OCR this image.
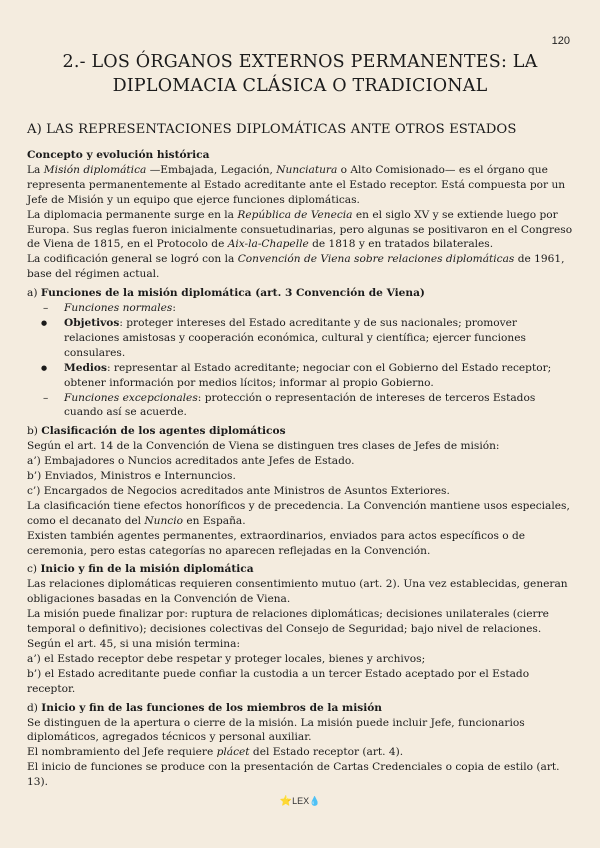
120
2.- LOS ÓRGANOS EXTERNOS PERMANENTES: LA
DIPLOMACIA CLÁSICA O TRADICIONAL
A) LAS REPRESENTACIONES DIPLOMÁTICAS ANTE OTROS ESTADOS

Concepto y evolución histórica

La Misión diplomática —Embajada, Legación, Nunciatura o Alto Comisionado— es el órgano que representa permanentemente al Estado acreditante ante el Estado receptor. Está compuesta por un Jefe de Misión y un equipo que ejerce funciones diplomáticas.

La diplomacia permanente surge en la República de Venecia en el siglo XV y se extiende luego por Europa. Sus reglas fueron inicialmente consuetudinarias, pero algunas se positivaron en el Congreso de Viena de 1815, en el Protocolo de Aix-la-Chapelle de 1818 y en tratados bilaterales.

La codificación general se logró con la Convención de Viena sobre relaciones diplomáticas de 1961, base del régimen actual.

a) Funciones de la misión diplomática (art. 3 Convención de Viena)

– Funciones normales:
● Objetivos: proteger intereses del Estado acreditante y de sus nacionales; promover relaciones amistosas y cooperación económica, cultural y científica; ejercer funciones consulares.
● Medios: representar al Estado acreditante; negociar con el Gobierno del Estado receptor; obtener información por medios lícitos; informar al propio Gobierno.
– Funciones excepcionales: protección o representación de intereses de terceros Estados cuando así se acuerde.

b) Clasificación de los agentes diplomáticos

Según el art. 14 de la Convención de Viena se distinguen tres clases de Jefes de misión:

a’) Embajadores o Nuncios acreditados ante Jefes de Estado.

b’) Enviados, Ministros e Internuncios.

c’) Encargados de Negocios acreditados ante Ministros de Asuntos Exteriores.

La clasificación tiene efectos honoríficos y de precedencia. La Convención mantiene usos especiales, como el decanato del Nuncio en España.

Existen también agentes permanentes, extraordinarios, enviados para actos específicos o de ceremonia, pero estas categorías no aparecen reflejadas en la Convención.

c) Inicio y fin de la misión diplomática

Las relaciones diplomáticas requieren consentimiento mutuo (art. 2). Una vez establecidas, generan obligaciones basadas en la Convención de Viena.

La misión puede finalizar por: ruptura de relaciones diplomáticas; decisiones unilaterales (cierre temporal o definitivo); decisiones colectivas del Consejo de Seguridad; bajo nivel de relaciones.

Según el art. 45, si una misión termina:

a’) el Estado receptor debe respetar y proteger locales, bienes y archivos;

b’) el Estado acreditante puede confiar la custodia a un tercer Estado aceptado por el Estado receptor.

d) Inicio y fin de las funciones de los miembros de la misión

Se distinguen de la apertura o cierre de la misión. La misión puede incluir Jefe, funcionarios diplomáticos, agregados técnicos y personal auxiliar.

El nombramiento del Jefe requiere plácet del Estado receptor (art. 4).

El inicio de funciones se produce con la presentación de Cartas Credenciales o copia de estilo (art. 13).

⭐LEX💧
